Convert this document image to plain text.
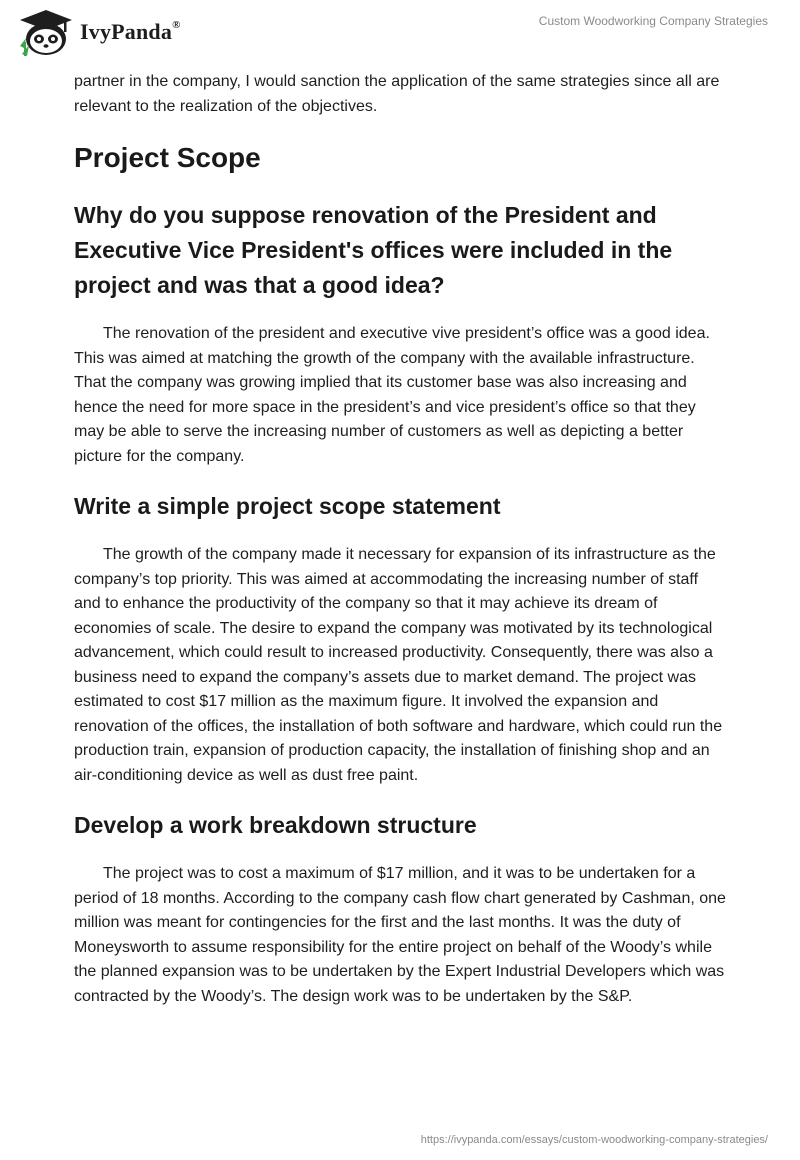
IvyPanda®	Custom Woodworking Company Strategies

partner in the company, I would sanction the application of the same strategies since all are relevant to the realization of the objectives.

Project Scope
Why do you suppose renovation of the President and Executive Vice President's offices were included in the project and was that a good idea?

The renovation of the president and executive vive president’s office was a good idea. This was aimed at matching the growth of the company with the available infrastructure. That the company was growing implied that its customer base was also increasing and hence the need for more space in the president’s and vice president’s office so that they may be able to serve the increasing number of customers as well as depicting a better picture for the company.

Write a simple project scope statement

The growth of the company made it necessary for expansion of its infrastructure as the company’s top priority. This was aimed at accommodating the increasing number of staff and to enhance the productivity of the company so that it may achieve its dream of economies of scale. The desire to expand the company was motivated by its technological advancement, which could result to increased productivity. Consequently, there was also a business need to expand the company’s assets due to market demand. The project was estimated to cost $17 million as the maximum figure. It involved the expansion and renovation of the offices, the installation of both software and hardware, which could run the production train, expansion of production capacity, the installation of finishing shop and an air-conditioning device as well as dust free paint.

Develop a work breakdown structure

The project was to cost a maximum of $17 million, and it was to be undertaken for a period of 18 months. According to the company cash flow chart generated by Cashman, one million was meant for contingencies for the first and the last months. It was the duty of Moneysworth to assume responsibility for the entire project on behalf of the Woody’s while the planned expansion was to be undertaken by the Expert Industrial Developers which was contracted by the Woody’s. The design work was to be undertaken by the S&P.

https://ivypanda.com/essays/custom-woodworking-company-strategies/
